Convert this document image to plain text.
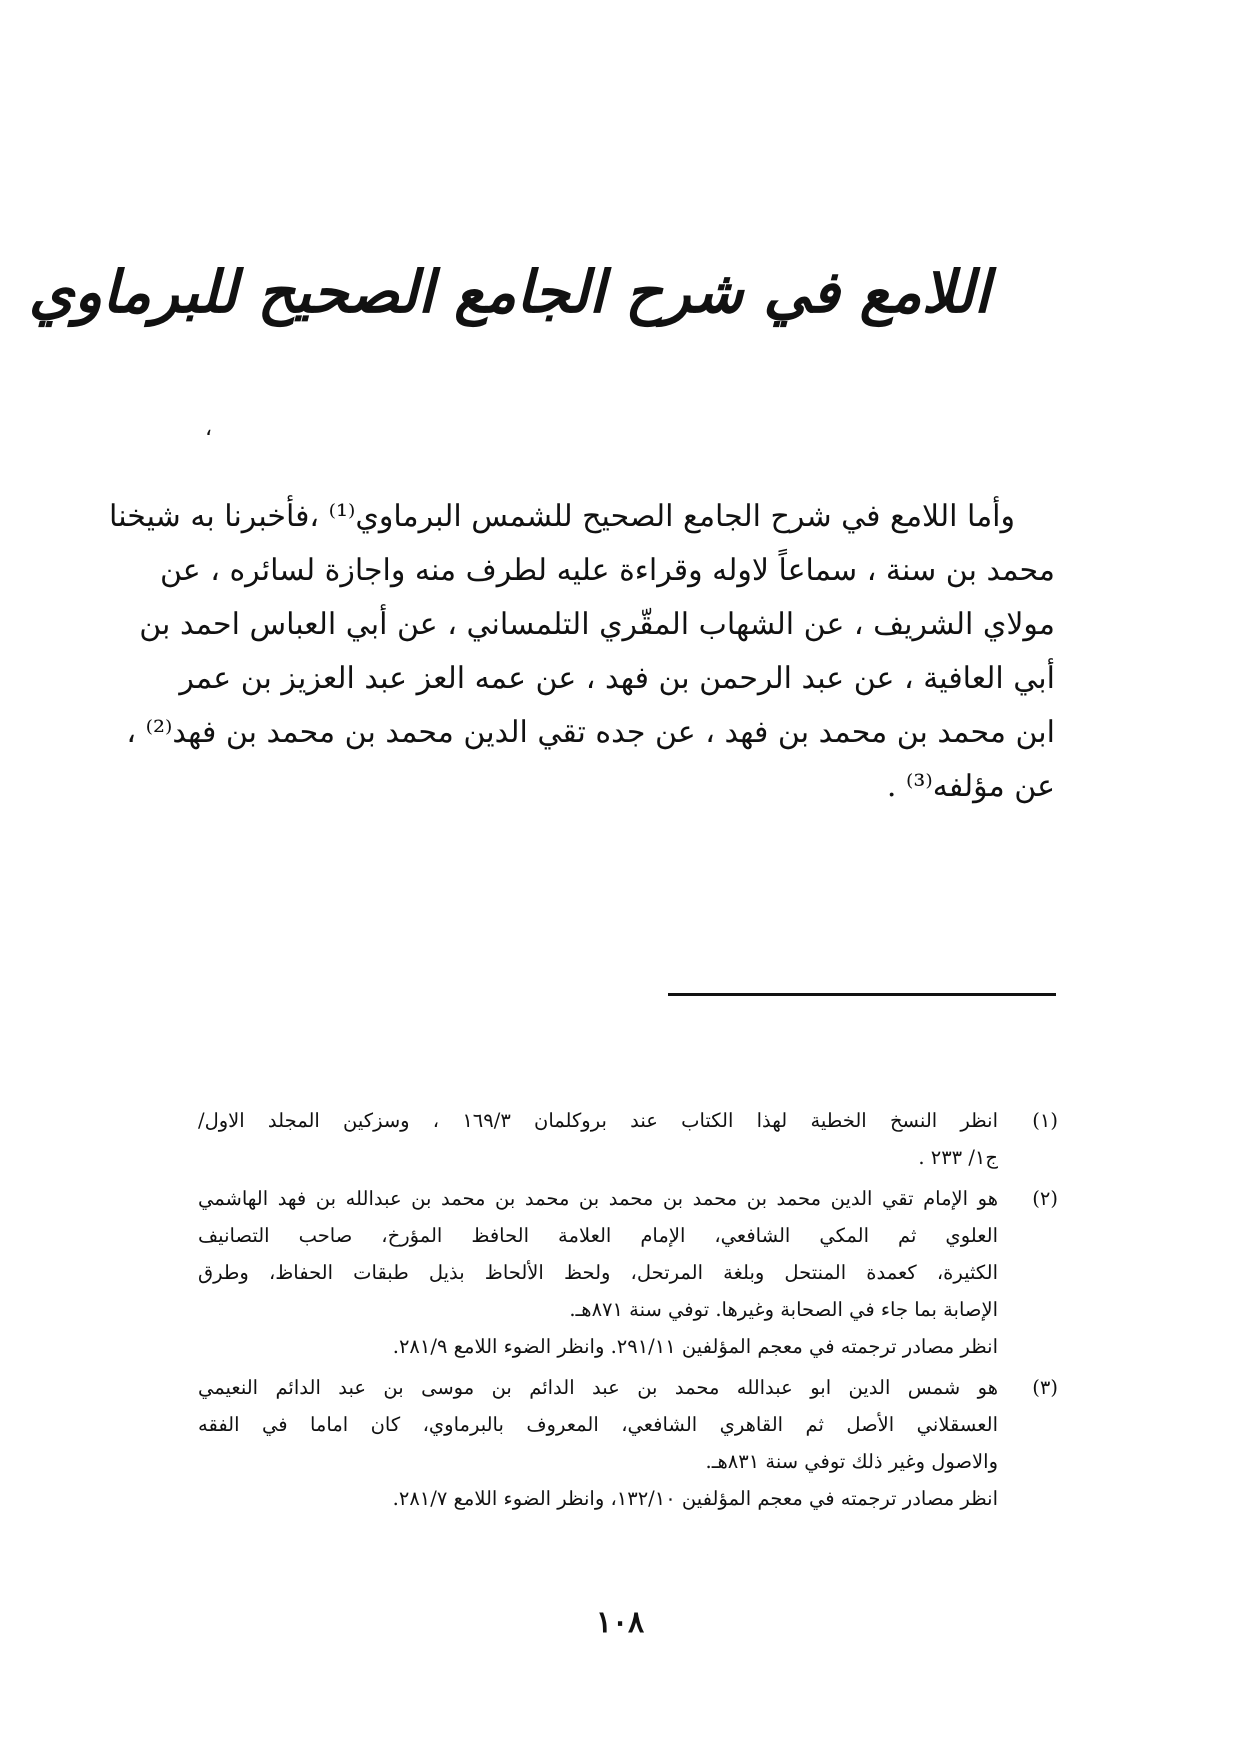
اللامع في شرح الجامع الصحيح للبرماوي
،
وأما اللامع في شرح الجامع الصحيح للشمس البرماوي⁽¹⁾ ،فأخبرنا به شيخنا
محمد بن سنة ، سماعاً لاوله وقراءة عليه لطرف منه واجازة لسائره ، عن
مولاي الشريف ، عن الشهاب المقّري التلمساني ، عن أبي العباس احمد بن
أبي العافية ، عن عبد الرحمن بن فهد ، عن عمه العز عبد العزيز بن عمر
ابن محمد بن محمد بن فهد ، عن جده تقي الدين محمد بن محمد بن فهد⁽²⁾ ،
عن مؤلفه⁽³⁾ .
(١)
انظر النسخ الخطية لهذا الكتاب عند بروكلمان ١٦٩/٣ ، وسزكين المجلد الاول/
ج١/ ٢٣٣ .
(٢)
هو الإمام تقي الدين محمد بن محمد بن محمد بن محمد بن محمد بن عبدالله بن فهد الهاشمي
العلوي ثم المكي الشافعي، الإمام العلامة الحافظ المؤرخ، صاحب التصانيف
الكثيرة، كعمدة المنتحل وبلغة المرتحل، ولحظ الألحاظ بذيل طبقات الحفاظ، وطرق
الإصابة بما جاء في الصحابة وغيرها. توفي سنة ٨٧١هـ.
انظر مصادر ترجمته في معجم المؤلفين ٢٩١/١١. وانظر الضوء اللامع ٢٨١/٩.
(٣)
هو شمس الدين ابو عبدالله محمد بن عبد الدائم بن موسى بن عبد الدائم النعيمي
العسقلاني الأصل ثم القاهري الشافعي، المعروف بالبرماوي، كان اماما في الفقه
والاصول وغير ذلك توفي سنة ٨٣١هـ.
انظر مصادر ترجمته في معجم المؤلفين ١٣٢/١٠، وانظر الضوء اللامع ٢٨١/٧.
١٠٨
